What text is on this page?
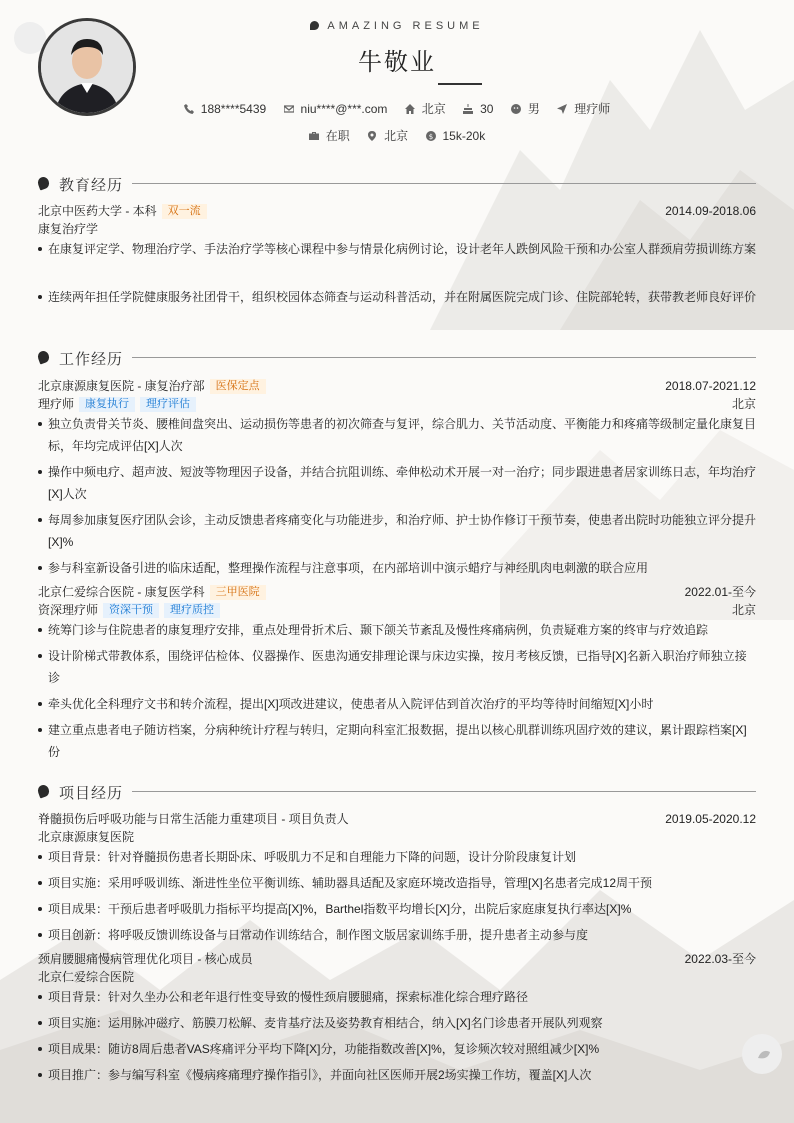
AMAZING RESUME
牛敬业
188****5439	niu****@***.com	北京	30	男	理疗师
在职	北京	$ 15k-20k
教育经历
北京中医药大学 - 本科 双一流	2014.09-2018.06
康复治疗学
在康复评定学、物理治疗学、手法治疗学等核心课程中参与情景化病例讨论，设计老年人跌倒风险干预和办公室人群颈肩劳损训练方案
连续两年担任学院健康服务社团骨干，组织校园体态筛查与运动科普活动，并在附属医院完成门诊、住院部轮转，获带教老师良好评价
工作经历
北京康源康复医院 - 康复治疗部 医保定点	2018.07-2021.12
理疗师 康复执行 理疗评估	北京
独立负责骨关节炎、腰椎间盘突出、运动损伤等患者的初次筛查与复评，综合肌力、关节活动度、平衡能力和疼痛等级制定量化康复目标，年均完成评估[X]人次
操作中频电疗、超声波、短波等物理因子设备，并结合抗阻训练、牵伸松动术开展一对一治疗；同步跟进患者居家训练日志，年均治疗[X]人次
每周参加康复医疗团队会诊，主动反馈患者疼痛变化与功能进步，和治疗师、护士协作修订干预节奏，使患者出院时功能独立评分提升[X]%
参与科室新设备引进的临床适配，整理操作流程与注意事项，在内部培训中演示蜡疗与神经肌肉电刺激的联合应用
北京仁爱综合医院 - 康复医学科 三甲医院	2022.01-至今
资深理疗师 资深干预 理疗质控	北京
统筹门诊与住院患者的康复理疗安排，重点处理骨折术后、颞下颌关节紊乱及慢性疼痛病例，负责疑难方案的终审与疗效追踪
设计阶梯式带教体系，围绕评估检体、仪器操作、医患沟通安排理论课与床边实操，按月考核反馈，已指导[X]名新入职治疗师独立接诊
牵头优化全科理疗文书和转介流程，提出[X]项改进建议，使患者从入院评估到首次治疗的平均等待时间缩短[X]小时
建立重点患者电子随访档案，分病种统计疗程与转归，定期向科室汇报数据，提出以核心肌群训练巩固疗效的建议，累计跟踪档案[X]份
项目经历
脊髓损伤后呼吸功能与日常生活能力重建项目 - 项目负责人	2019.05-2020.12
北京康源康复医院
项目背景：针对脊髓损伤患者长期卧床、呼吸肌力不足和自理能力下降的问题，设计分阶段康复计划
项目实施：采用呼吸训练、渐进性坐位平衡训练、辅助器具适配及家庭环境改造指导，管理[X]名患者完成12周干预
项目成果：干预后患者呼吸肌力指标平均提高[X]%，Barthel指数平均增长[X]分，出院后家庭康复执行率达[X]%
项目创新：将呼吸反馈训练设备与日常动作训练结合，制作图文版居家训练手册，提升患者主动参与度
颈肩腰腿痛慢病管理优化项目 - 核心成员	2022.03-至今
北京仁爱综合医院
项目背景：针对久坐办公和老年退行性变导致的慢性颈肩腰腿痛，探索标准化综合理疗路径
项目实施：运用脉冲磁疗、筋膜刀松解、麦肯基疗法及姿势教育相结合，纳入[X]名门诊患者开展队列观察
项目成果：随访8周后患者VAS疼痛评分平均下降[X]分，功能指数改善[X]%，复诊频次较对照组减少[X]%
项目推广：参与编写科室《慢病疼痛理疗操作指引》，并面向社区医师开展2场实操工作坊，覆盖[X]人次
